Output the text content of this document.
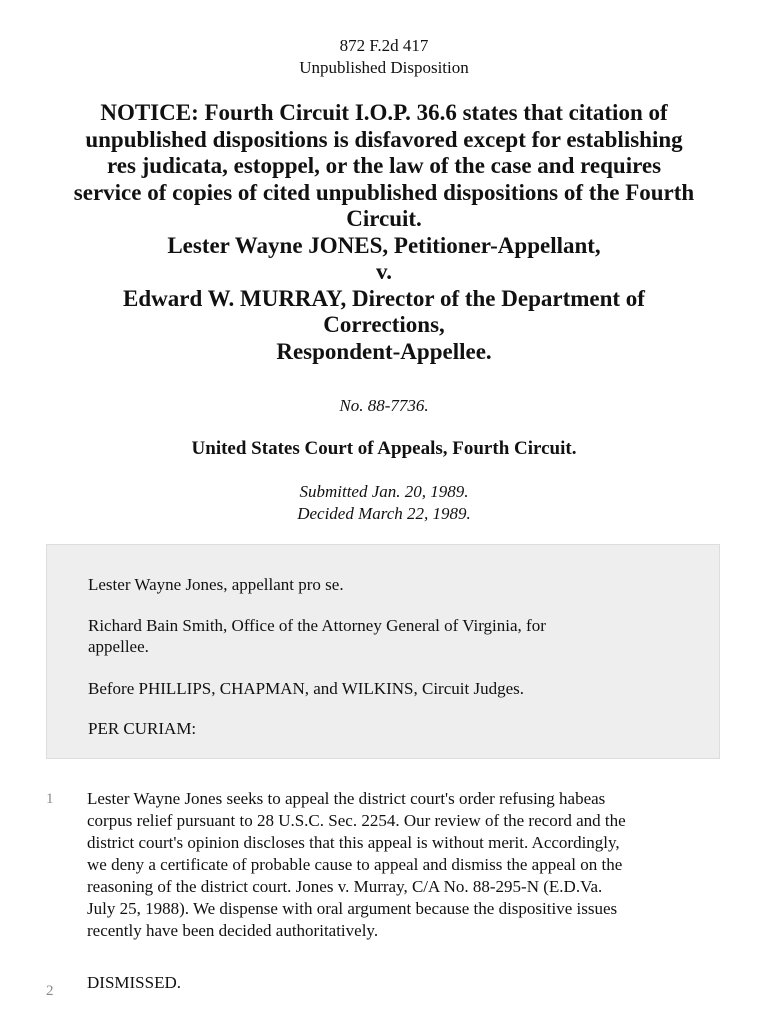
872 F.2d 417
Unpublished Disposition
NOTICE: Fourth Circuit I.O.P. 36.6 states that citation of
unpublished dispositions is disfavored except for establishing
res judicata, estoppel, or the law of the case and requires
service of copies of cited unpublished dispositions of the Fourth
Circuit.
Lester Wayne JONES, Petitioner-Appellant,
v.
Edward W. MURRAY, Director of the Department of
Corrections,
Respondent-Appellee.
No. 88-7736.
United States Court of Appeals, Fourth Circuit.
Submitted Jan. 20, 1989.
Decided March 22, 1989.

Lester Wayne Jones, appellant pro se.

Richard Bain Smith, Office of the Attorney General of Virginia, for
appellee.

Before PHILLIPS, CHAPMAN, and WILKINS, Circuit Judges.

PER CURIAM:

1 Lester Wayne Jones seeks to appeal the district court's order refusing habeas
corpus relief pursuant to 28 U.S.C. Sec. 2254. Our review of the record and the
district court's opinion discloses that this appeal is without merit. Accordingly,
we deny a certificate of probable cause to appeal and dismiss the appeal on the
reasoning of the district court. Jones v. Murray, C/A No. 88-295-N (E.D.Va.
July 25, 1988). We dispense with oral argument because the dispositive issues
recently have been decided authoritatively.

2 DISMISSED.
